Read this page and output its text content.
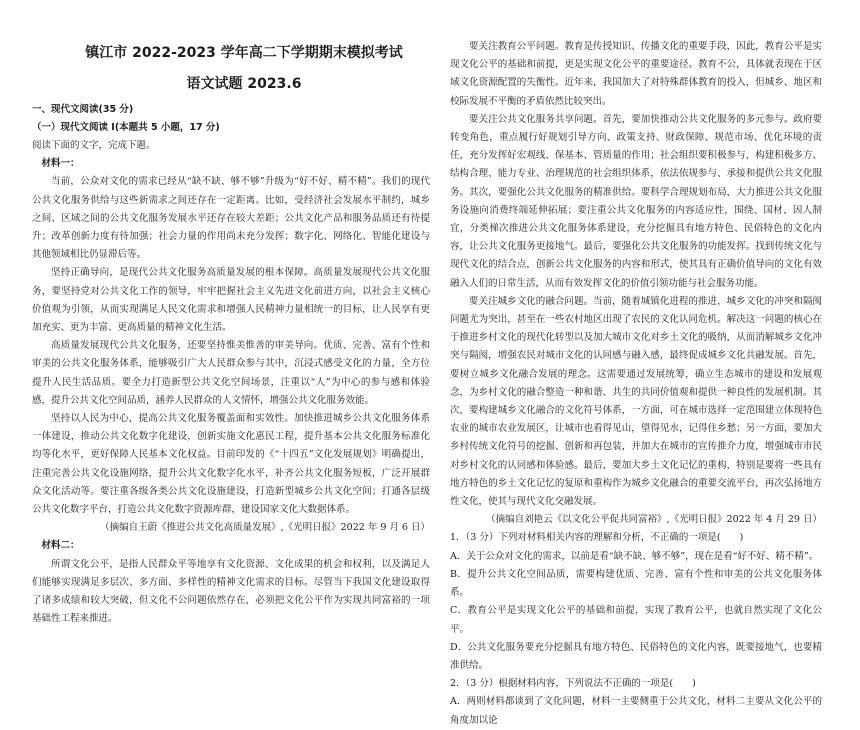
镇江市 2022-2023 学年高二下学期期末模拟考试
语文试题 2023.6
一、现代文阅读(35 分)
（一）现代文阅读 I(本题共 5 小题，17 分)

阅读下面的文字，完成下题。

材料一：

当前，公众对文化的需求已经从“缺不缺、够不够”升级为“好不好、精不精”。我们的现代公共文化服务供给与这些新需求之间还存在一定距离。比如，受经济社会发展水平制约，城乡之间、区域之间的公共文化服务发展水平还存在较大差距；公共文化产品和服务品质还有待提升；改革创新力度有待加强；社会力量的作用尚未充分发挥；数字化、网络化、智能化建设与其他领域相比仍显滞后等。

坚持正确导向，是现代公共文化服务高质量发展的根本保障。高质量发展现代公共文化服务，要坚持党对公共文化工作的领导，牢牢把握社会主义先进文化前进方向，以社会主义核心价值观为引领，从而实现满足人民文化需求和增强人民精神力量相统一的目标，让人民享有更加充实、更为丰富、更高质量的精神文化生活。

高质量发展现代公共文化服务，还要坚持惟美惟善的审美导向。优质、完善、富有个性和审美的公共文化服务体系，能够吸引广大人民群众参与其中，沉浸式感受文化的力量，全方位提升人民生活品质。要全力打造新型公共文化空间场景，注重以“人”为中心的参与感和体验感，提升公共文化空间品质，涵养人民群众的人文情怀，增强公共文化服务效能。

坚持以人民为中心，提高公共文化服务覆盖面和实效性。加快推进城乡公共文化服务体系一体建设，推动公共文化数字化建设，创新实施文化惠民工程，提升基本公共文化服务标准化均等化水平，更好保障人民基本文化权益。目前印发的《“十四五”文化发展规划》明确提出，注重完善公共文化设施网络，提升公共文化数字化水平，补齐公共文化服务短板，广泛开展群众文化活动等。要注重各级各类公共文化设施建设，打造新型城乡公共文化空间；打通各层级公共文化数字平台，打造公共文化数字资源库群，建设国家文化大数据体系。

（摘编自王蔚《推进公共文化高质量发展》,《光明日报》2022 年 9 月 6 日）

材料二：

所谓文化公平，是指人民群众平等地享有文化资源、文化成果的机会和权利，以及满足人们能够实现满足多层次、多方面、多样性的精神文化需求的目标。尽管当下我国文化建设取得了诸多成绩和较大突破，但文化不公问题依然存在，必须把文化公平作为实现共同富裕的一项基础性工程来推进。

要关注教育公平问题。教育是传授知识、传播文化的重要手段，因此，教育公平是实现文化公平的基础和前提，更是实现文化公平的重要途径。教育不公，具体就表现在于区域文化资源配置的失衡性。近年来，我国加大了对特殊群体教育的投入，但城乡、地区和校际发展不平衡的矛盾依然比较突出。

要关注公共文化服务共享问题。首先，要加快推动公共文化服务的多元参与。政府要转变角色，重点履行好规划引导方向、政策支持、财政保障、规范市场、优化环境的责任，充分发挥好宏观线、保基本、管质量的作用；社会组织要积极参与，构建积极多方、结构合理、能力专业、治理规范的社会组织体系，依法依规参与、承接和提供公共文化服务。其次，要强化公共文化服务的精准供给。要科学合理规划布局，大力推进公共文化服务设施向消费终端延伸拓展；要注重公共文化服务的内容适应性，围绕、国材、因人制宜，分类梯次推进公共文化服务体系建设，充分挖掘具有地方特色、民俗特色的文化内容，让公共文化服务更接地气。最后，要强化公共文化服务的功能发挥。找到传统文化与现代文化的结合点，创新公共文化服务的内容和形式，使其具有正确价值导向的文化有效融入人们的日常生活，从而有效发挥文化的价值引领功能与社会服务功能。

要关注城乡文化的融合问题。当前，随着城镇化进程的推进，城乡文化的冲突和隔阂问题尤为突出，甚至在一些农村地区出现了农民的文化认同危机。解决这一问题的核心在于推进乡村文化的现代化转型以及加大城市文化对乡土文化的吸纳，从而消解城乡文化冲突与隔阂，增强农民对城市文化的认同感与融入感，最终促成城乡文化共融发展。首先，要树立城乡文化融合发展的理念。这需要通过发展统筹，确立生态城市的建设和发展观念，为乡村文化的融合整造一种和谐、共生的共同价值观和提供一种良性的发展机制。其次，要构建城乡文化融合的文化符号体系，一方面，可在城市选择一定范围建立体现特色农业的城市农业发展区，让城市也看得见山，望得见水，记得住乡愁；另一方面，要加大乡村传统文化符号的挖掘、创新和再包装，并加大在城市的宣传推介力度，增强城市市民对乡村文化的认同感和体验感。最后，要加大乡土文化记忆的重构，特别是要将一些具有地方特色的乡土文化记忆的复原和重构作为城乡文化融合的重要交流平台，再次弘扬地方性文化，使其与现代文化交融发展。

（摘编自刘艳云《以文化公平促共同富裕》,《光明日报》2022 年 4 月 29 日）

1．（3 分）下列对材料相关内容的理解和分析，不正确的一项是(　　)

A．关于公众对文化的需求，以前是看“缺不缺、够不够”，现在是看“好不好、精不精”。

B．提升公共文化空间品质，需要构建优质、完善、富有个性和审美的公共文化服务体系。

C．教育公平是实现文化公平的基础和前提，实现了教育公平，也就自然实现了文化公平。

D．公共文化服务要充分挖掘具有地方特色、民俗特色的文化内容，既要接地气，也要精准供给。

2．（3 分）根据材料内容，下列说法不正确的一项是(　　)

A．两则材料都谈到了文化问题，材料一主要侧重于公共文化，材料二主要从文化公平的角度加以论
